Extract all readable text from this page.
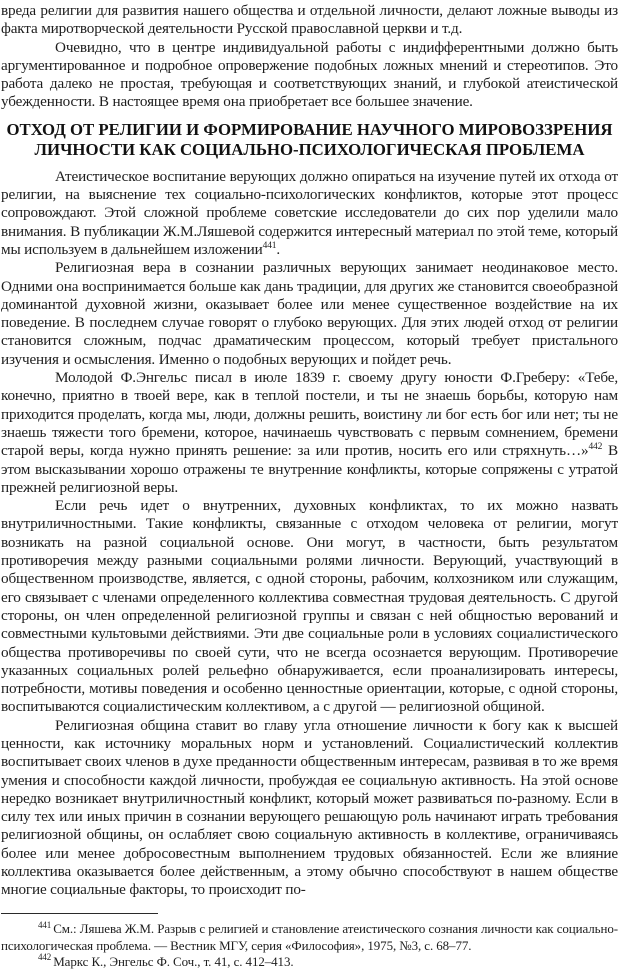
вреда религии для развития нашего общества и отдельной личности, делают ложные выводы из факта миротворческой деятельности Русской православной церкви и т.д.

Очевидно, что в центре индивидуальной работы с индифферентными должно быть аргументированное и подробное опровержение подобных ложных мнений и стереотипов. Это работа далеко не простая, требующая и соответствующих знаний, и глубокой атеистической убежденности. В настоящее время она приобретает все большее значение.

ОТХОД ОТ РЕЛИГИИ И ФОРМИРОВАНИЕ НАУЧНОГО МИРОВОЗЗРЕНИЯ
ЛИЧНОСТИ КАК СОЦИАЛЬНО-ПСИХОЛОГИЧЕСКАЯ ПРОБЛЕМА

Атеистическое воспитание верующих должно опираться на изучение путей их отхода от религии, на выяснение тех социально-психологических конфликтов, которые этот процесс сопровождают. Этой сложной проблеме советские исследователи до сих пор уделили мало внимания. В публикации Ж.М.Ляшевой содержится интересный материал по этой теме, который мы используем в дальнейшем изложении$^{441}$.

Религиозная вера в сознании различных верующих занимает неодинаковое место. Одними она воспринимается больше как дань традиции, для других же становится своеобразной доминантой духовной жизни, оказывает более или менее существенное воздействие на их поведение. В последнем случае говорят о глубоко верующих. Для этих людей отход от религии становится сложным, подчас драматическим процессом, который требует пристального изучения и осмысления. Именно о подобных верующих и пойдет речь.

Молодой Ф.Энгельс писал в июле 1839 г. своему другу юности Ф.Греберу: «Тебе, конечно, приятно в твоей вере, как в теплой постели, и ты не знаешь борьбы, которую нам приходится проделать, когда мы, люди, должны решить, воистину ли бог есть бог или нет; ты не знаешь тяжести того бремени, которое, начинаешь чувствовать с первым сомнением, бремени старой веры, когда нужно принять решение: за или против, носить его или стряхнуть…»$^{442}$ В этом высказывании хорошо отражены те внутренние конфликты, которые сопряжены с утратой прежней религиозной веры.

Если речь идет о внутренних, духовных конфликтах, то их можно назвать внутриличностными. Такие конфликты, связанные с отходом человека от религии, могут возникать на разной социальной основе. Они могут, в частности, быть результатом противоречия между разными социальными ролями личности. Верующий, участвующий в общественном производстве, является, с одной стороны, рабочим, колхозником или служащим, его связывает с членами определенного коллектива совместная трудовая деятельность. С другой стороны, он член определенной религиозной группы и связан с ней общностью верований и совместными культовыми действиями. Эти две социальные роли в условиях социалистического общества противоречивы по своей сути, что не всегда осознается верующим. Противоречие указанных социальных ролей рельефно обнаруживается, если проанализировать интересы, потребности, мотивы поведения и особенно ценностные ориентации, которые, с одной стороны, воспитываются социалистическим коллективом, а с другой — религиозной общиной.

Религиозная община ставит во главу угла отношение личности к богу как к высшей ценности, как источнику моральных норм и установлений. Социалистический коллектив воспитывает своих членов в духе преданности общественным интересам, развивая в то же время умения и способности каждой личности, пробуждая ее социальную активность. На этой основе нередко возникает внутриличностный конфликт, который может развиваться по-разному. Если в силу тех или иных причин в сознании верующего решающую роль начинают играть требования религиозной общины, он ослабляет свою социальную активность в коллективе, ограничиваясь более или менее добросовестным выполнением трудовых обязанностей. Если же влияние коллектива оказывается более действенным, а этому обычно способствуют в нашем обществе многие социальные факторы, то происходит по-

$^{441}$ См.: Ляшева Ж.М. Разрыв с религией и становление атеистического сознания личности как социально-психологическая проблема. — Вестник МГУ, серия «Философия», 1975, №3, с. 68–77.
$^{442}$ Маркс К., Энгельс Ф. Соч., т. 41, с. 412–413.
